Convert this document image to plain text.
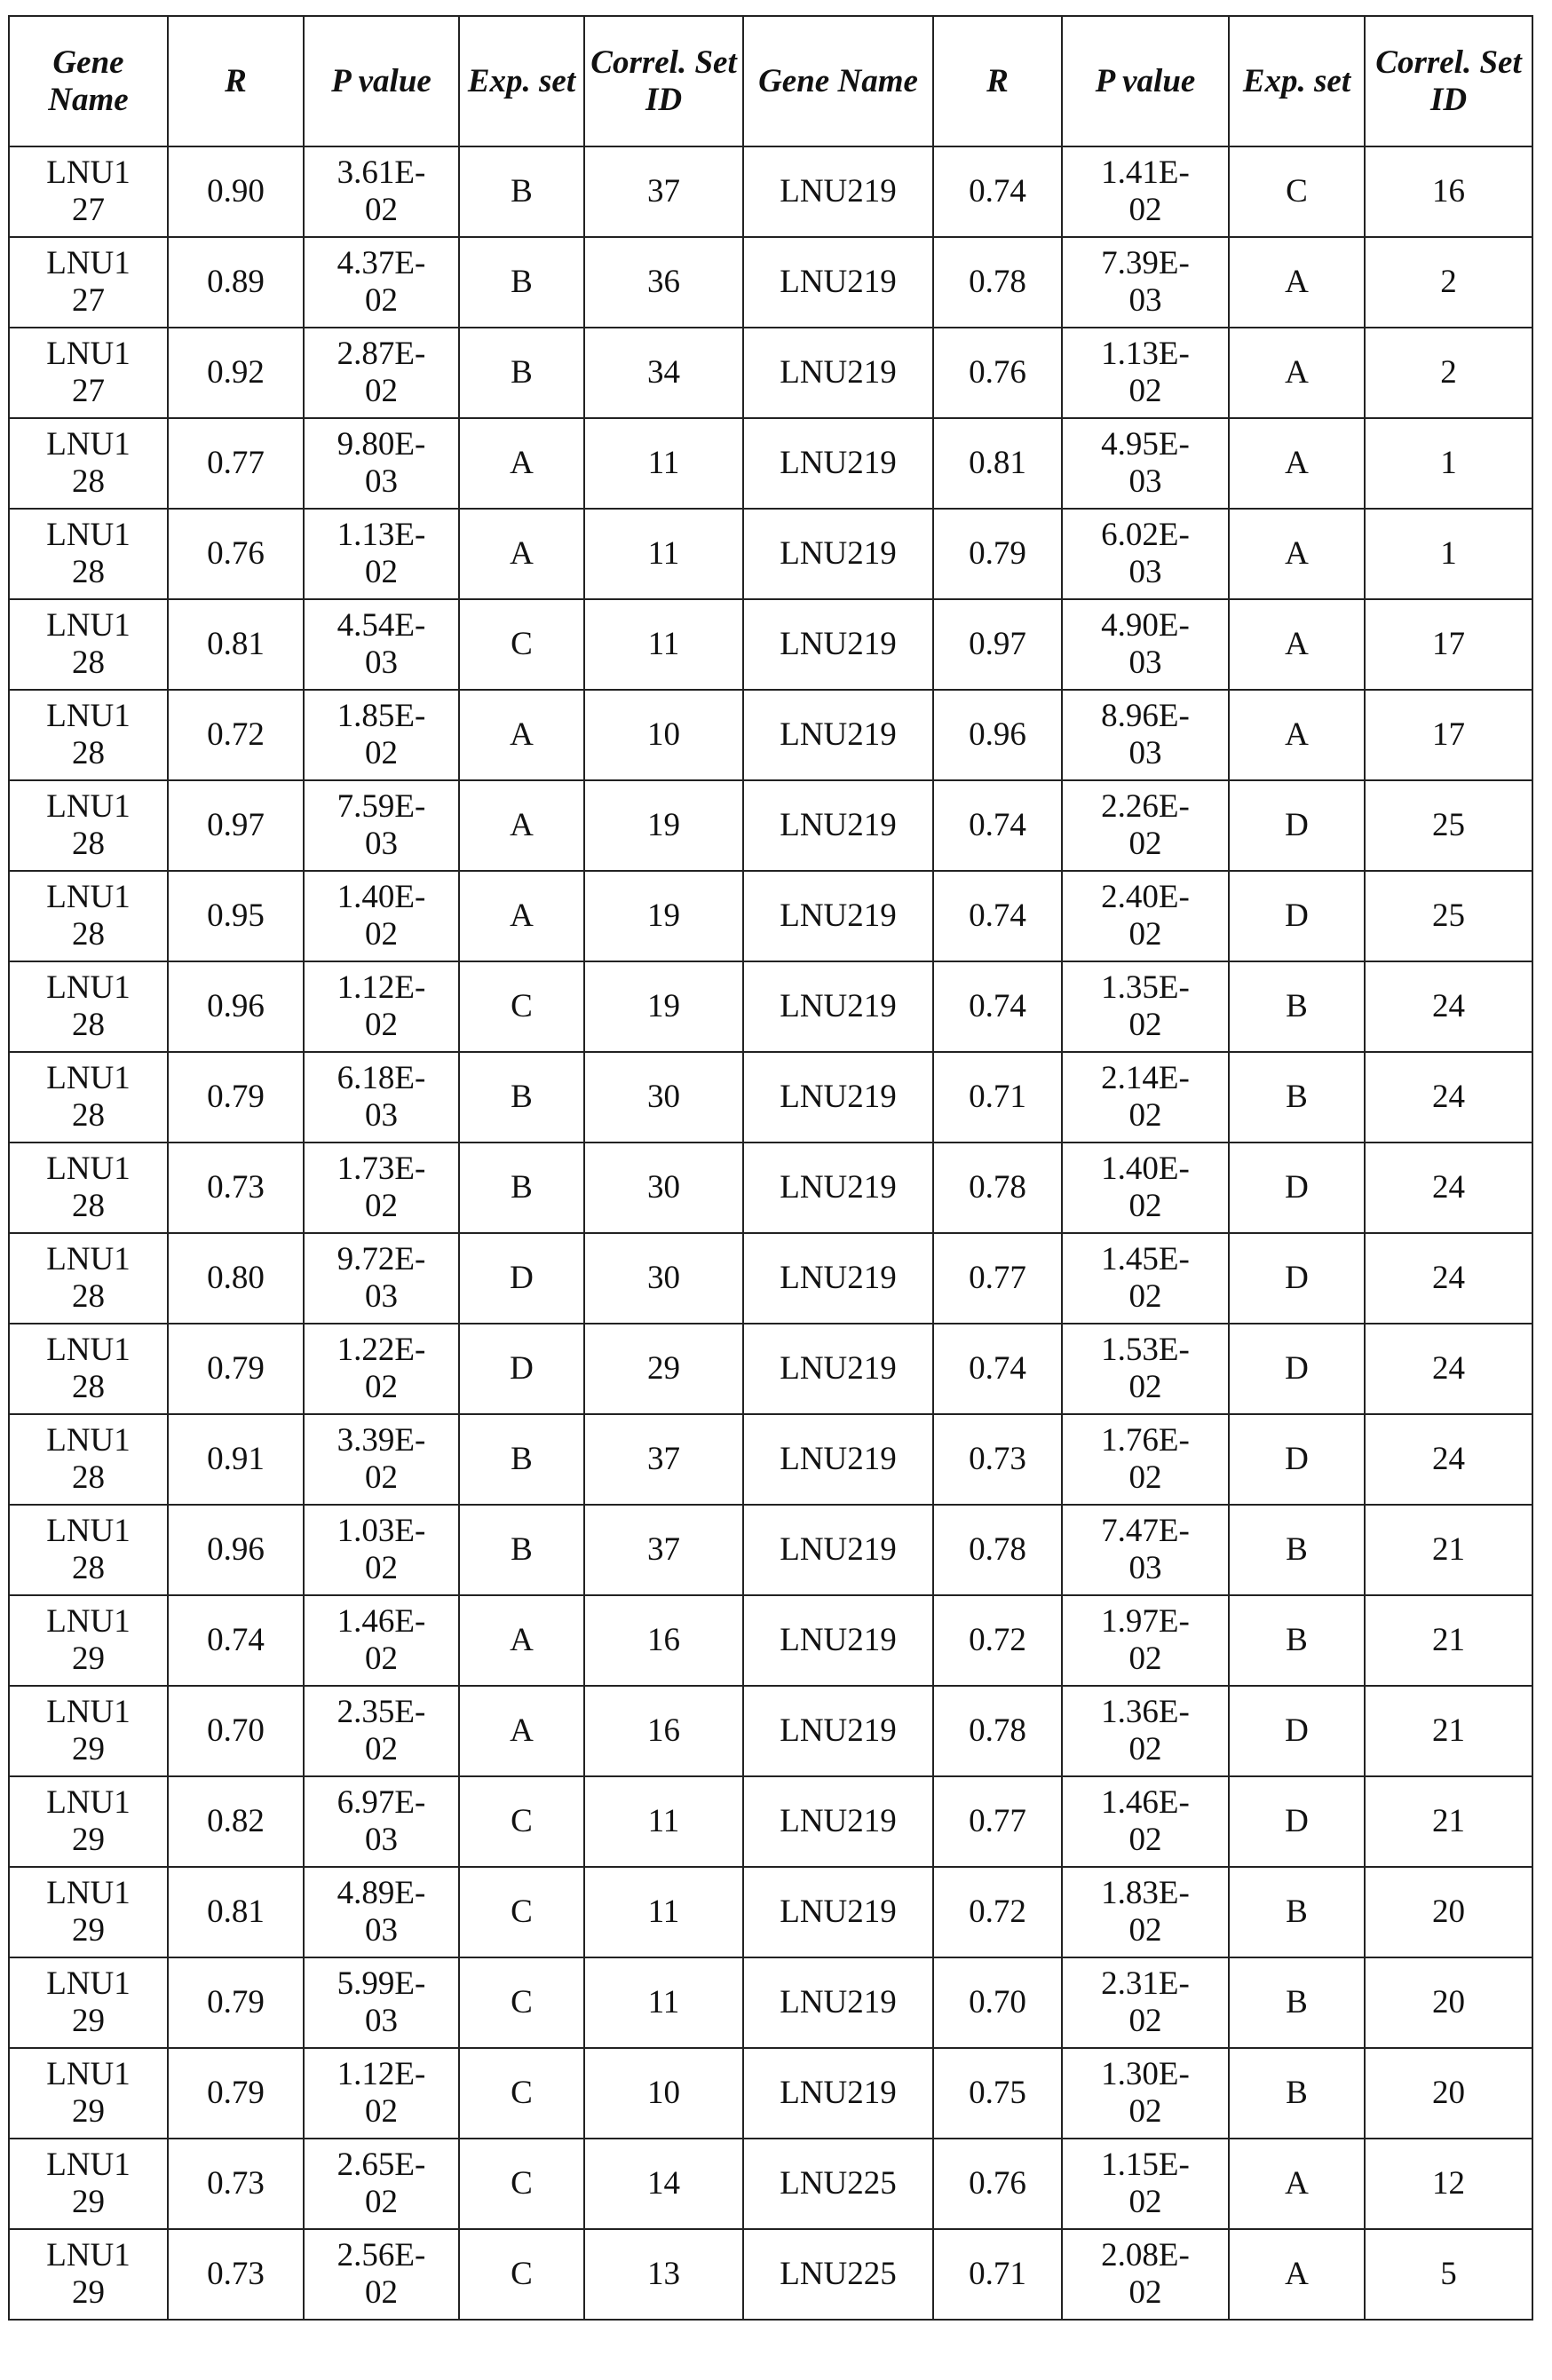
Gene Name	R	P value	Exp. set	Correl. Set ID	Gene Name	R	P value	Exp. set	Correl. Set ID
LNU127	0.90	3.61E-02	B	37	LNU219	0.74	1.41E-02	C	16
LNU127	0.89	4.37E-02	B	36	LNU219	0.78	7.39E-03	A	2
LNU127	0.92	2.87E-02	B	34	LNU219	0.76	1.13E-02	A	2
LNU128	0.77	9.80E-03	A	11	LNU219	0.81	4.95E-03	A	1
LNU128	0.76	1.13E-02	A	11	LNU219	0.79	6.02E-03	A	1
LNU128	0.81	4.54E-03	C	11	LNU219	0.97	4.90E-03	A	17
LNU128	0.72	1.85E-02	A	10	LNU219	0.96	8.96E-03	A	17
LNU128	0.97	7.59E-03	A	19	LNU219	0.74	2.26E-02	D	25
LNU128	0.95	1.40E-02	A	19	LNU219	0.74	2.40E-02	D	25
LNU128	0.96	1.12E-02	C	19	LNU219	0.74	1.35E-02	B	24
LNU128	0.79	6.18E-03	B	30	LNU219	0.71	2.14E-02	B	24
LNU128	0.73	1.73E-02	B	30	LNU219	0.78	1.40E-02	D	24
LNU128	0.80	9.72E-03	D	30	LNU219	0.77	1.45E-02	D	24
LNU128	0.79	1.22E-02	D	29	LNU219	0.74	1.53E-02	D	24
LNU128	0.91	3.39E-02	B	37	LNU219	0.73	1.76E-02	D	24
LNU128	0.96	1.03E-02	B	37	LNU219	0.78	7.47E-03	B	21
LNU129	0.74	1.46E-02	A	16	LNU219	0.72	1.97E-02	B	21
LNU129	0.70	2.35E-02	A	16	LNU219	0.78	1.36E-02	D	21
LNU129	0.82	6.97E-03	C	11	LNU219	0.77	1.46E-02	D	21
LNU129	0.81	4.89E-03	C	11	LNU219	0.72	1.83E-02	B	20
LNU129	0.79	5.99E-03	C	11	LNU219	0.70	2.31E-02	B	20
LNU129	0.79	1.12E-02	C	10	LNU219	0.75	1.30E-02	B	20
LNU129	0.73	2.65E-02	C	14	LNU225	0.76	1.15E-02	A	12
LNU129	0.73	2.56E-02	C	13	LNU225	0.71	2.08E-02	A	5
